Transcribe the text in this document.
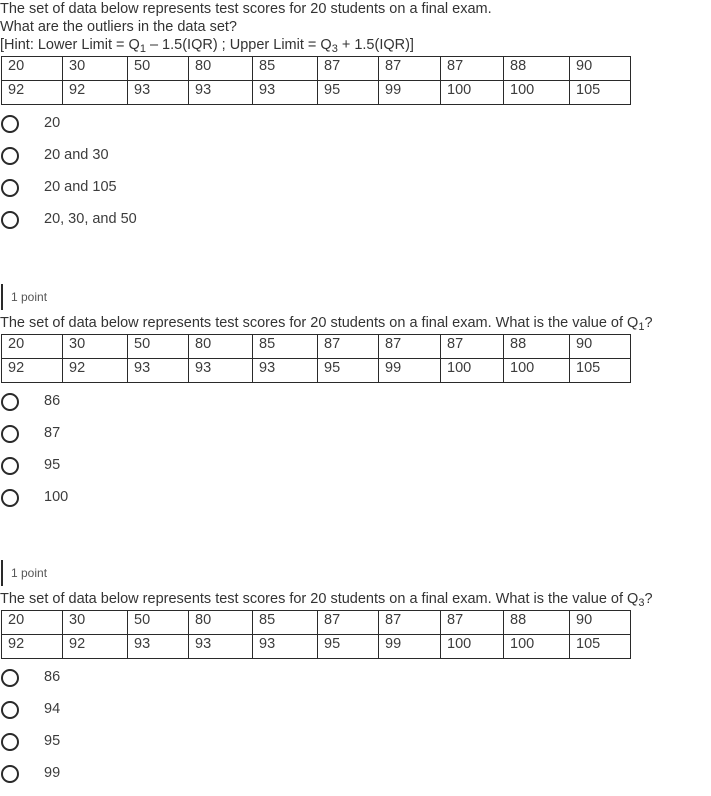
The set of data below represents test scores for 20 students on a final exam.
What are the outliers in the data set?
[Hint: Lower Limit = $Q_1 - 1.5(IQR)$ ; Upper Limit = $Q_3 + 1.5(IQR)$]
20	30	50	80	85	87	87	87	88	90
92	92	93	93	93	95	99	100	100	105
20
20 and 30
20 and 105
20, 30, and 50
1 point
The set of data below represents test scores for 20 students on a final exam. What is the value of $Q_1$?
20	30	50	80	85	87	87	87	88	90
92	92	93	93	93	95	99	100	100	105
86
87
95
100
1 point
The set of data below represents test scores for 20 students on a final exam. What is the value of $Q_3$?
20	30	50	80	85	87	87	87	88	90
92	92	93	93	93	95	99	100	100	105
86
94
95
99
